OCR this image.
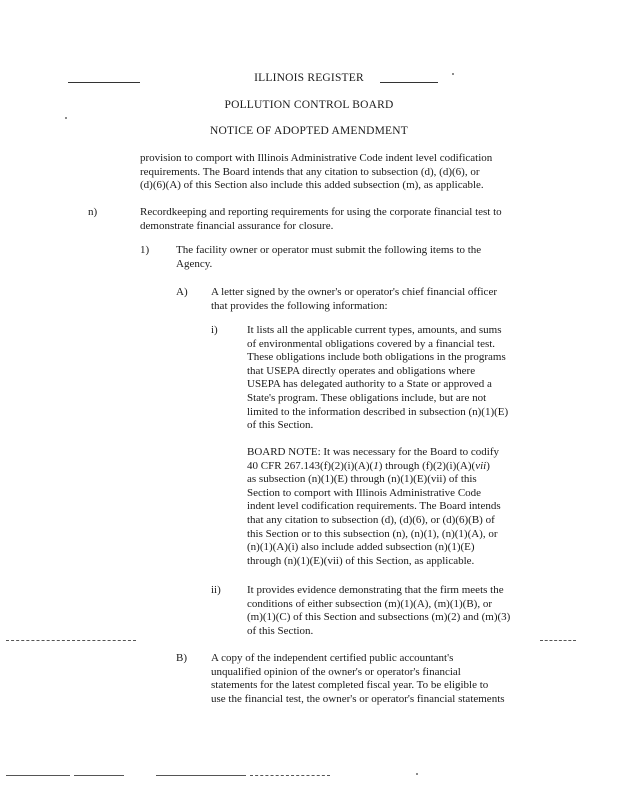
ILLINOIS REGISTER
POLLUTION CONTROL BOARD
NOTICE OF ADOPTED AMENDMENT
provision to comport with Illinois Administrative Code indent level codification
requirements. The Board intends that any citation to subsection (d), (d)(6), or
(d)(6)(A) of this Section also include this added subsection (m), as applicable.
n)	Recordkeeping and reporting requirements for using the corporate financial test to
demonstrate financial assurance for closure.
1) The facility owner or operator must submit the following items to the
Agency.
A) A letter signed by the owner's or operator's chief financial officer
that provides the following information:
i)	It lists all the applicable current types, amounts, and sums
of environmental obligations covered by a financial test.
These obligations include both obligations in the programs
that USEPA directly operates and obligations where
USEPA has delegated authority to a State or approved a
State's program. These obligations include, but are not
limited to the information described in subsection (n)(1)(E)
of this Section.
BOARD NOTE: It was necessary for the Board to codify
40 CFR 267.143(f)(2)(i)(A)(1) through (f)(2)(i)(A)(vii)
as subsection (n)(1)(E) through (n)(1)(E)(vii) of this
Section to comport with Illinois Administrative Code
indent level codification requirements. The Board intends
that any citation to subsection (d), (d)(6), or (d)(6)(B) of
this Section or to this subsection (n), (n)(1), (n)(1)(A), or
(n)(1)(A)(i) also include added subsection (n)(1)(E)
through (n)(1)(E)(vii) of this Section, as applicable.
ii) It provides evidence demonstrating that the firm meets the
conditions of either subsection (m)(1)(A), (m)(1)(B), or
(m)(1)(C) of this Section and subsections (m)(2) and (m)(3)
of this Section.
B) A copy of the independent certified public accountant's
unqualified opinion of the owner's or operator's financial
statements for the latest completed fiscal year. To be eligible to
use the financial test, the owner's or operator's financial statements
